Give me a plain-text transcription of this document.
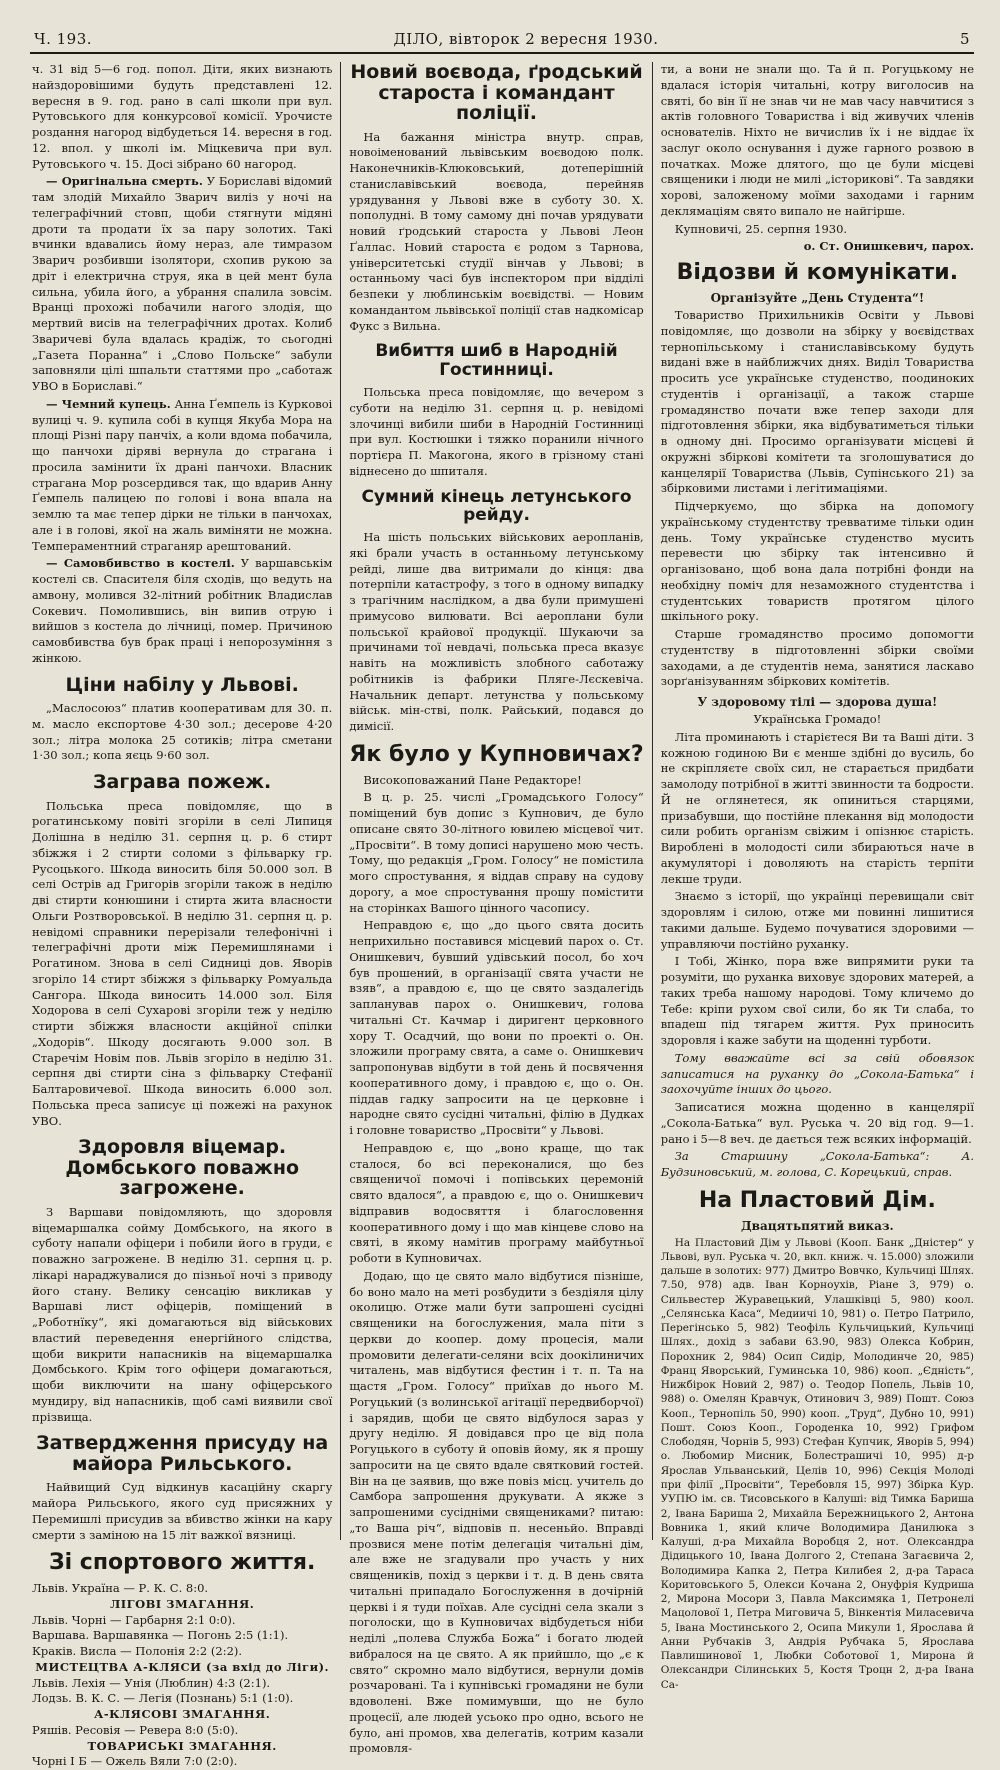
Ч. 193.	ДІЛО, вівторок 2 вересня 1930.	5

ч. 31 від 5—6 год. попол. Діти, яких визнають найздоровішими будуть представлені 12. вересня в 9. год. рано в салі школи при вул. Рутовського для конкурсової комісії. Урочисте роздання нагород відбудеться 14. вересня в год. 12. впол. у школі ім. Міцкевича при вул. Рутовського ч. 15. Досі зібрано 60 нагород.

— Оригінальна смерть. У Бориславі відомий там злодій Михайло Зварич виліз у ночі на телеграфічний стовп, щоби стягнути мідяні дроти та продати їх за пару золотих. Такі вчинки вдавались йому нераз, але тимразом Зварич розбивши ізолятори, схопив рукою за дріт і електрична струя, яка в цей мент була сильна, убила його, а убрання спалила зовсім. Вранці прохожі побачили нагого злодія, що мертвий висів на телеграфічних дротах. Колиб Зваричеві була вдалась крадіж, то сьогодні „Газета Поранна“ і „Слово Польске“ забули заповняли цілі шпальти статтями про „саботаж УВО в Бориславі.“

— Чемний купець. Анна Ґемпель із Курковоі вулиці ч. 9. купила собі в купця Якуба Мора на площі Різні пару панчіх, а коли вдома побачила, що панчохи дірявi вернула до стрaгана і просила замінити їх дранi панчохи. Власник страгана Мор розсердився так, що вдарив Анну Ґемпель палицею по голові і вона впала на землю та має тепер дірки не тільки в панчохах, але і в голові, якої на жаль виміняти не можна. Темпераментний страганяр арештований.

— Самовбивство в костелі. У варшавськім костелі св. Спасителя біля сходів, що ведуть на амвону, молився 32-літний робітник Владислав Сокевич. Помолившись, він випив отрую і вийшов з костела до лічниці, помер. Причиною самовбивства був брак праці і непорозуміння з жінкою.

Ціни набілу у Львові.

„Маслосоюз“ платив кооперативам для 30. п. м. масло експортове 4·30 зол.; десерове 4·20 зол.; літра молока 25 сотиків; літра сметани 1·30 зол.; копа яєць 9·60 зол.

Заграва пожеж.

Польська преса повідомляє, що в рогатинському повіті згоріли в селі Липиця Долішна в неділю 31. серпня ц. р. 6 стирт збіжжя і 2 стирти соломи з фільварку гр. Русоцького. Шкода виносить біля 50.000 зол. В селі Острів ад Григорів згоріли також в неділю дві стирти конюшини і стирта жита власности Ольги Розтворовської. В неділю 31. серпня ц. р. невідомі справники перерізали телефонічні і телеграфічні дроти між Перемишлянами і Рогатином. Знова в селі Сидниці дов. Яворів згоріло 14 стирт збіжжя з фільварку Ромуальда Сангора. Шкода виносить 14.000 зол. Біля Ходорова в селі Сухарові згоріли теж у неділю стирти збіжжя власности акційної спілки „Ходорів“. Шкоду досягають 9.000 зол. В Старечім Новім пов. Львів згоріло в неділю 31. серпня дві стирти сіна з фільварку Стефанії Балтаровичевої. Шкода виносить 6.000 зол. Польська преса записує ці пожежі на рахунок УВО.

Здоровля віцемар. Домбського поважно загрожене.

З Варшави повідомляють, що здоровля віцемаршалка сойму Домбського, на якого в суботу напали офіцери і побили його в груди, є поважно загрожене. В неділю 31. серпня ц. р. лікарі нараджувалися до пізньої ночі з приводу його стану. Велику сенсацію викликав у Варшаві лист офіцерів, поміщений в „Роботнїку“, які домагаються від військових властий переведення енергійного слідства, щоби викрити напасників на віцемаршалка Домбського. Крім того офіцери домагаються, щоби виключити на шану офіцерського мундиру, від напасників, щоб самі виявили свої прізвища.

Затвердження присуду на майора Рильського.

Найвищий Суд відкинув касаційну скаргу майора Рильського, якого суд присяжних у Перемишлі присудив за вбивство жінки на кару смерти з заміною на 15 літ важкої вязниці.

Зі спортового життя.

Львів. Україна — Р. К. С. 8:0.

ЛІГОВІ ЗМАГАННЯ.

Львів. Чорні — Гарбарня 2:1 0:0).

Варшава. Варшавянка — Погонь 2:5 (1:1).

Краків. Висла — Полонія 2:2 (2:2).

МИСТЕЦТВА А-КЛЯСИ (за вхід до Ліги).

Львів. Лехія — Унія (Люблин) 4:3 (2:1).

Лодзь. В. К. С. — Легія (Познань) 5:1 (1:0).

А-КЛЯСОВІ ЗМАГАННЯ.

Ряшів. Ресовія — Ревера 8:0 (5:0).

ТОВАРИСЬКІ ЗМАГАННЯ.

Чорні І Б — Ожель Вяли 7:0 (2:0).

Новий воєвода, ґродський староста і командант поліції.

На бажання міністра внутр. справ, новоіменований львівським воєводою полк. Наконечників-Клюковський, дотеперішній станиславівський воєвода, перейняв урядування у Львові вже в суботу 30. Х. пополудні. В тому самому дні почав урядувати новий ґродський староста у Львові Леон Ґаллас. Новий староста є родом з Тарнова, університетські студії вінчав у Львові; в останньому часі був інспектором при відділі безпеки у люблинськім воєвідстві. — Новим командантом львівської поліції став надкомісар Фукс з Вильна.

Вибиття шиб в Народній Гостинниці.

Польська преса повідомляє, що вечером з суботи на неділю 31. серпня ц. р. невідомі злочинці вибили шиби в Народній Гостинниці при вул. Костюшки і тяжко поранили нічного портієра П. Макогона, якого в грізному стані віднесено до шпиталя.

Сумний кінець летунського рейду.

На шість польських військових аеропланів, які брали участь в останньому летунському рейді, лише два витримали до кінця: два потерпіли катастрофу, з того в одному випадку з трагічним наслідком, а два були примушені примусово вилювати. Всі аероплани були польської крайової продукції. Шукаючи за причинами тої невдачі, польська преса вказує навіть на можливість злобного саботажу робітників із фабрики Пляге-Лєскевіча. Начальник департ. летунства у польському військ. мін-стві, полк. Райський, подався до димісії.

Як було у Купновичах?

Високоповажаний Пане Редакторе!

В ц. р. 25. числі „Громадського Голосу“ поміщений був допис з Купнович, де було описане свято 30-літного ювилею місцевої чит. „Просвіти“. В тому дописі нарушено мою честь. Тому, що редакція „Гром. Голосу“ не помістила мого спростування, я віддав справу на судову дорогу, а мое спростування прошу помістити на сторінках Вашого цінного часопису.

Неправдою є, що „до цього свята досить неприхильно поставився місцевий парох о. Ст. Онишкевич, бувший удівський посол, бо хоч був прошений, в організації свята участи не взяв“, а правдою є, що це свято заздалегідь запланував парох о. Онишкевич, голова читальні Ст. Качмар і диригент церковного хору Т. Осадчий, що вони по проекті о. Он. зложили програму свята, а саме о. Онишкевич запропонував відбути в той день й посвячення кооперативного дому, і правдою є, що о. Он. піддав гадку запросити на це церковне і народне свято сусідні читальні, філію в Дудках і головне товариство „Просвіти“ у Львові.

Неправдою є, що „воно краще, що так сталося, бо всі переконалися, що без священичої помочі і попівських церемоній свято вдалося“, а правдою є, що о. Онишкевич відправив водосвяття і благословення кооперативного дому і що мав кінцеве слово на святі, в якому намітив програму майбутньої роботи в Купновичах.

Додаю, що це свято мало відбутися пізніше, бо воно мало на меті розбудити з бездіяля цілу околицю. Отже мали бути запрошені сусідні священики на богослужения, мала піти з церкви до коопер. дому процесія, мали промовити делегати-селяни всіх доокілиничих читалень, мав відбутися фестин і т. п. Та на щастя „Гром. Голосу“ приїхав до нього М. Рогуцький (з волинської агітації передвиборчої) і зарядив, щоби це свято відбулося зараз у другу неділю. Я довідався про це від пола Рогуцького в суботу й оповів йому, як я прошу запросити на це свято вдале святковий гостей. Він на це заявив, що вже повіз місц. учитель до Самбора запрошення друкувати. А якже з запрошеними сусідніми священиками? питаю: „то Ваша річ“, відповів п. несеньйо. Вправді прозвися мене потім делегація читальні дім, але вже не згадували про участь у них священиків, похід з церкви і т. д. В день свята читальні припадало Богослуження в дочірній церкві і я туди поїхав. Але сусідні села зкали з поголоски, що в Купновичах відбудеться ніби неділі „полева Служба Божа“ і богато людей вибралося на це свято. А як прийшло, що „є к свято“ скромно мало відбутися, вернули домів розчаровані. Та і купнівські громадяни не були вдоволені. Вже помимувши, що не було процесії, але людей усьоко про одно, всього не було, ані промов, хва делегатів, котрим казали промовля-

ти, а вони не знали що. Та й п. Рогуцькому не вдалася історія читальні, котру виголосив на святі, бо він її не знав чи не мав часу навчитися з актів головного Товариства і від живучих членів основателів. Ніхто не вичислив їх і не віддає їх заслуг около оснування і дуже гарного розвою в початках. Може длятого, що це були місцеві священики і люди не милі „історикові“. Та завдяки хорові, заложеному моїми заходами і гарним деклямаціям свято випало не найгірше.

Купновичі, 25. серпня 1930.

о. Ст. Онишкевич, парох.
Відозви й комунікати.
Організуйте „День Студента“!

Товариство Прихильників Освіти у Львові повідомляє, що дозволи на збірку у воєвідствах тернопільському і станиславівському будуть видані вже в найближчих днях. Виділ Товариства просить усе українське студенство, поодиноких студентів і організації, а також старше громадянство почати вже тепер заходи для підготовлення збірки, яка відбуватиметься тільки в одному дні. Просимо організувати місцеві й окружні збіркові комітети та зголошуватися до канцелярії Товариства (Львів, Супінського 21) за збірковими листами і легітимаціями.

Підчеркуємо, що збірка на допомогу українському студентству тревватиме тільки один день. Тому українське студенство мусить перевести цю збірку так інтенсивно й організовано, щоб вона дала потрібні фонди на необхідну поміч для незаможного студентства і студентських товариств протягом цілого шкільного року.

Старше громадянство просимо допомогти студентству в підготовленні збірки своїми заходами, а де студентів нема, занятися ласкаво зорґанізуванням збіркових комітетів.

У здоровому тілі — здорова душа!

Українська Громадо!

Літа проминають і старієтеся Ви та Ваші діти. З кожною годиною Ви є менше здібні до вусиль, бо не скріпляєте своїх сил, не старається придбати замолоду потрібної в житті звинности та бодрости. Й не оглянетеся, як опиниться старцями, призабувши, що постійне плекання від молодости сили робить організм свіжим і опізнює старість. Вироблені в молодості сили збираються наче в акумуляторі і доволяють на старість терпіти лекше труди.

Знаємо з історії, що українці перевищали світ здоровлям і силою, отже ми повинні лишитися такими дальше. Будемо почуватися здоровими — управляючи постійно руханку.

І Тобі, Жінко, пора вже випрямити руки та розуміти, що руханка виховує здорових матерей, а таких треба нашому народові. Тому кличемо до Тебе: кріпи рухом свої сили, бо як Ти слаба, то впадеш під тягарем життя. Рух приносить здоровля і каже забути на щоденні турботи.

Тому вважайте всі за свій обовязок записатися на руханку до „Сокола-Батька“ і заохочуйте інших до цього.

Записатися можна щоденно в канцелярії „Сокола-Батька“ вул. Руська ч. 20 від год. 9—1. рано і 5—8 веч. де дається теж всяких інформацій.

За Старшину „Сокола-Батька“: А. Будзиновський, м. голова, С. Корецький, справ.

На Пластовий Дім.
Двацятьпятий виказ.

На Пластовий Дім у Львові (Кооп. Банк „Дністер“ у Львові, вул. Руська ч. 20, вкл. книж. ч. 15.000) зложили дальше в золотих: 977) Дмитро Вовчко, Кульчиці Шлях. 7.50, 978) адв. Іван Корноухів, Ріане 3, 979) о. Сильвестер Журавецький, Улашківці 5, 980) коол. „Селянська Каса“, Медиичі 10, 981) о. Петро Патрило, Перегінсько 5, 982) Теофіль Кульчицький, Кульчиці Шлях., дохід з забави 63.90, 983) Олекса Кобрин, Порохник 2, 984) Осип Сидір, Молодинче 20, 985) Франц Яворський, Гуминська 10, 986) кооп. „Єдність“, Нижбірок Новий 2, 987) о. Теодор Попель, Львів 10, 988) о. Омелян Кравчук, Отинович 3, 989) Пошт. Союз Кооп., Тернопіль 50, 990) кооп. „Труд“, Дубно 10, 991) Пошт. Союз Кооп., Городенка 10, 992) Грифом Слободян, Чорнів 5, 993) Стефан Купчик, Яворів 5, 994) о. Любомир Мисник, Болестрашичі 10, 995) д-р Ярослав Ульванський, Целів 10, 996) Секція Молоді при філії „Просвіти“, Теребовля 15, 997) Збірка Кур. УУПЮ ім. св. Тисовського в Калуші: від Тимка Бариша 2, Івана Бариша 2, Михайла Бережницького 2, Антона Вовника 1, який кличе Володимира Данилюка з Калуші, д-ра Михайла Воробця 2, нот. Олександра Дідицького 10, Івана Долгого 2, Степана Загаєвича 2, Володимира Капка 2, Петра Килибея 2, д-ра Тараса Коритовського 5, Олекси Кочана 2, Онуфрія Кудриша 2, Мирона Мосори 3, Павла Максимяка 1, Петронелі Мацолової 1, Петра Миговича 5, Вінкентія Миласевича 5, Івана Мостинського 2, Осипа Микули 1, Ярослава й Анни Рубчаків 3, Андрія Рубчака 5, Ярослава Павлишинової 1, Любки Соботової 1, Мирона й Олександри Сілинських 5, Костя Троцн 2, д-ра Івана Са-
